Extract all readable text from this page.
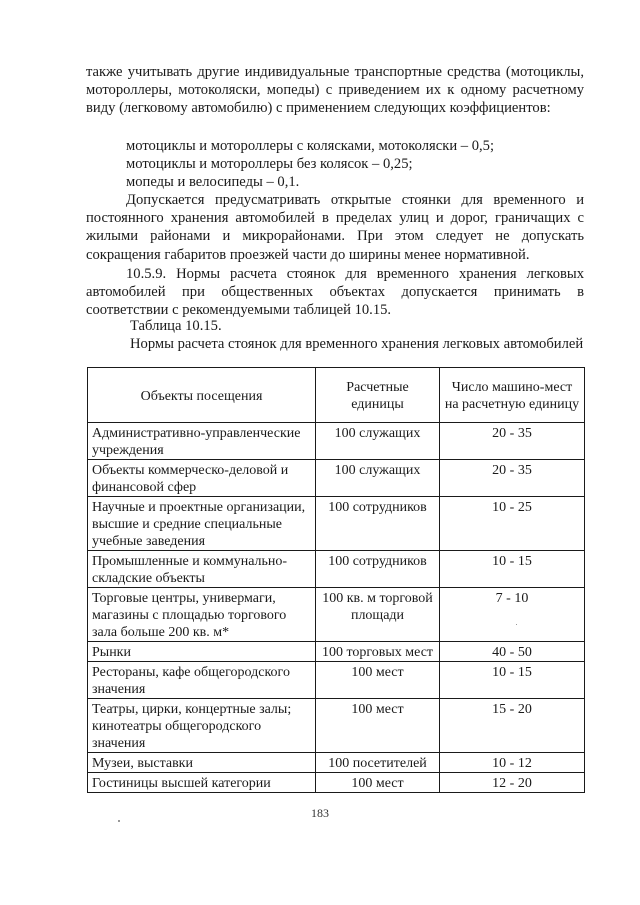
также учитывать другие индивидуальные транспортные средства (мотоциклы, мотороллеры, мотоколяски, мопеды) с приведением их к одному расчетному виду (легковому автомобилю) с применением следующих коэффициентов:

мотоциклы и мотороллеры с колясками, мотоколяски – 0,5;
мотоциклы и мотороллеры без колясок – 0,25;
мопеды и велосипеды – 0,1.

Допускается предусматривать открытые стоянки для временного и постоянного хранения автомобилей в пределах улиц и дорог, граничащих с жилыми районами и микрорайонами. При этом следует не допускать сокращения габаритов проезжей части до ширины менее нормативной.

10.5.9. Нормы расчета стоянок для временного хранения легковых автомобилей при общественных объектах допускается принимать в соответствии с рекомендуемыми таблицей 10.15.

Таблица 10.15.

Нормы расчета стоянок для временного хранения легковых автомобилей

Объекты посещения	Расчетные единицы	Число машино-мест на расчетную единицу
Административно-управленческие учреждения	100 служащих	20 - 35
Объекты коммерческо-деловой и финансовой сфер	100 служащих	20 - 35
Научные и проектные организации, высшие и средние специальные учебные заведения	100 сотрудников	10 - 25
Промышленные и коммунально-складские объекты	100 сотрудников	10 - 15
Торговые центры, универмаги, магазины с площадью торгового зала больше 200 кв. м*	100 кв. м торговой площади	7 - 10
Рынки	100 торговых мест	40 - 50
Рестораны, кафе общегородского значения	100 мест	10 - 15
Театры, цирки, концертные залы; кинотеатры общегородского значения	100 мест	15 - 20
Музеи, выставки	100 посетителей	10 - 12
Гостиницы высшей категории	100 мест	12 - 20
183
